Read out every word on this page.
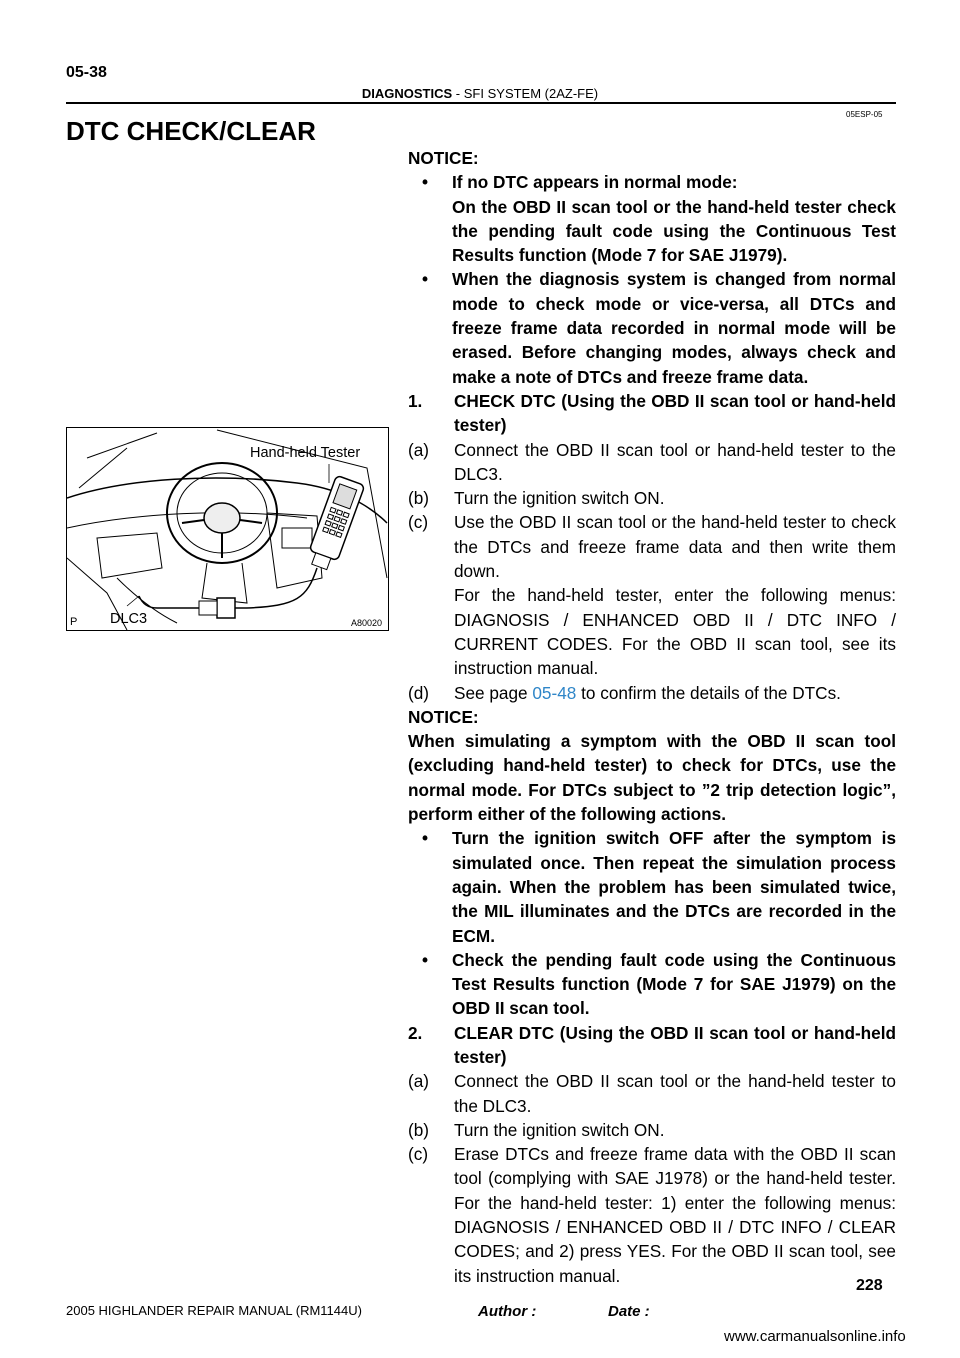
05-38
DIAGNOSTICS - SFI SYSTEM (2AZ-FE)
05ESP-05
DTC CHECK/CLEAR
Hand-held Tester
DLC3
P	A80020

NOTICE:

•	If no DTC appears in normal mode:
On the OBD II scan tool or the hand-held tester check the pending fault code using the Continuous Test Results function (Mode 7 for SAE J1979).
•	When the diagnosis system is changed from normal mode to check mode or vice-versa, all DTCs and freeze frame data recorded in normal mode will be erased. Before changing modes, always check and make a note of DTCs and freeze frame data.
1.	CHECK DTC (Using the OBD II scan tool or hand-held tester)
(a)	Connect the OBD II scan tool or hand-held tester to the DLC3.
(b)	Turn the ignition switch ON.
(c)	Use the OBD II scan tool or the hand-held tester to check the DTCs and freeze frame data and then write them down.
For the hand-held tester, enter the following menus: DIAGNOSIS / ENHANCED OBD II / DTC INFO / CURRENT CODES. For the OBD II scan tool, see its instruction manual.
(d)	See page 05-48 to confirm the details of the DTCs.

NOTICE:

When simulating a symptom with the OBD II scan tool (excluding hand-held tester) to check for DTCs, use the normal mode. For DTCs subject to ”2 trip detection logic”, perform either of the following actions.

•	Turn the ignition switch OFF after the symptom is simulated once. Then repeat the simulation process again. When the problem has been simulated twice, the MIL illuminates and the DTCs are recorded in the ECM.
•	Check the pending fault code using the Continuous Test Results function (Mode 7 for SAE J1979) on the OBD II scan tool.
2.	CLEAR DTC (Using the OBD II scan tool or hand-held tester)
(a)	Connect the OBD II scan tool or the hand-held tester to the DLC3.
(b)	Turn the ignition switch ON.
(c)	Erase DTCs and freeze frame data with the OBD II scan tool (complying with SAE J1978) or the hand-held tester. For the hand-held tester: 1) enter the following menus: DIAGNOSIS / ENHANCED OBD II / DTC INFO / CLEAR CODES; and 2) press YES. For the OBD II scan tool, see its instruction manual.	228
Author :	Date :
2005 HIGHLANDER REPAIR MANUAL (RM1144U)
www.carmanualsonline.info
